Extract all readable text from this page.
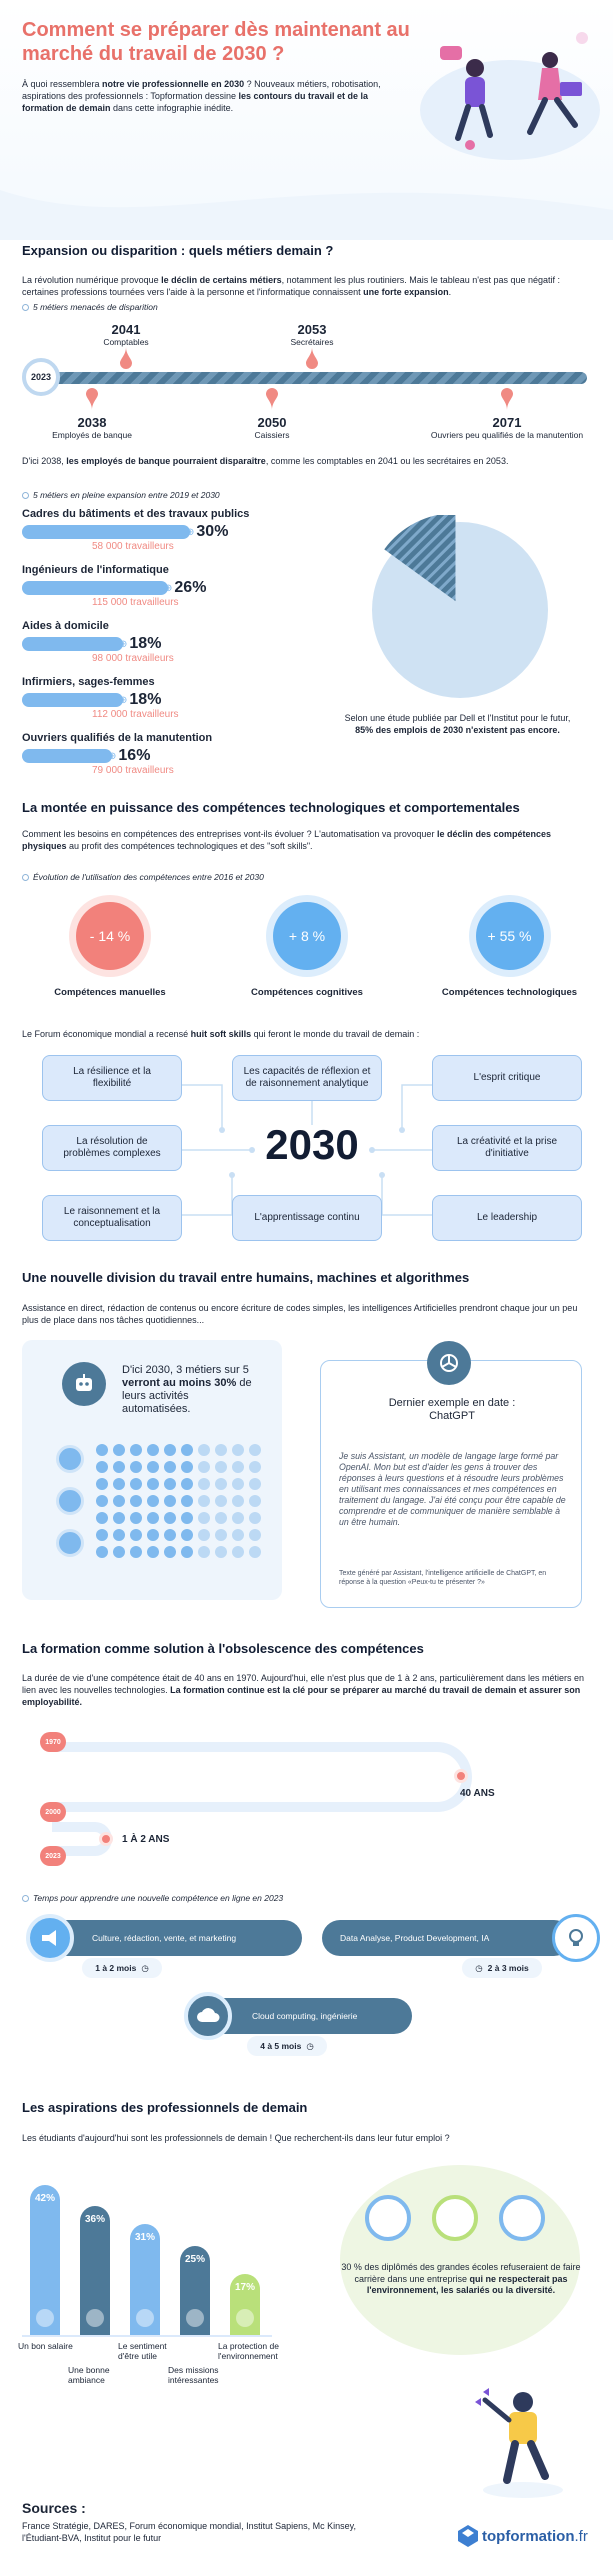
Comment se préparer dès maintenant au marché du travail de 2030 ?

À quoi ressemblera notre vie professionnelle en 2030 ? Nouveaux métiers, robotisation, aspirations des professionnels : Topformation dessine les contours du travail et de la formation de demain dans cette infographie inédite.

Expansion ou disparition : quels métiers demain ?

La révolution numérique provoque le déclin de certains métiers, notamment les plus routiniers. Mais le tableau n'est pas que négatif : certaines professions tournées vers l'aide à la personne et l'informatique connaissent une forte expansion.

5 métiers menacés de disparition

2023
2041
Comptables
2053
Secrétaires
2038
Employés de banque
2050
Caissiers
2071
Ouvriers peu qualifiés de la manutention

D'ici 2038, les employés de banque pourraient disparaître, comme les comptables en 2041 ou les secrétaires en 2053.

5 métiers en pleine expansion entre 2019 et 2030

Cadres du bâtiments et des travaux publics
⊕ 30%
58 000 travailleurs
Ingénieurs de l'informatique
⊕ 26%
115 000 travailleurs
Aides à domicile
⊕ 18%
98 000 travailleurs
Infirmiers, sages-femmes
⊕ 18%
112 000 travailleurs
Ouvriers qualifiés de la manutention
⊕ 16%
79 000 travailleurs

Selon une étude publiée par Dell et l'Institut pour le futur,
85% des emplois de 2030 n'existent pas encore.

La montée en puissance des compétences technologiques et comportementales

Comment les besoins en compétences des entreprises vont-ils évoluer ? L'automatisation va provoquer le déclin des compétences physiques au profit des compétences technologiques et des "soft skills".

Évolution de l'utilisation des compétences entre 2016 et 2030

- 14 %
Compétences manuelles
+ 8 %
Compétences cognitives
+ 55 %
Compétences technologiques

Le Forum économique mondial a recensé huit soft skills qui feront le monde du travail de demain :

La résilience et la flexibilité
Les capacités de réflexion et de raisonnement analytique
L'esprit critique
La résolution de problèmes complexes	2030	La créativité et la prise d'initiative
Le raisonnement et la conceptualisation
L'apprentissage continu	Le leadership
Une nouvelle division du travail entre humains, machines et algorithmes

Assistance en direct, rédaction de contenus ou encore écriture de codes simples, les intelligences Artificielles prendront chaque jour un peu plus de place dans nos tâches quotidiennes...

D'ici 2030, 3 métiers sur 5 verront au moins 30% de leurs activités automatisées.	Dernier exemple en date : ChatGPT

Je suis Assistant, un modèle de langage large formé par OpenAI. Mon but est d'aider les gens à trouver des réponses à leurs questions et à résoudre leurs problèmes en utilisant mes connaissances et mes compétences en traitement du langage. J'ai été conçu pour être capable de comprendre et de communiquer de manière semblable à un être humain.

Texte généré par Assistant, l'intelligence artificielle de ChatGPT, en réponse à la question «Peux-tu te présenter ?»

La formation comme solution à l'obsolescence des compétences

La durée de vie d'une compétence était de 40 ans en 1970. Aujourd'hui, elle n'est plus que de 1 à 2 ans, particulièrement dans les métiers en lien avec les nouvelles technologies. La formation continue est la clé pour se préparer au marché du travail de demain et assurer son employabilité.

1970
2000
2023
40 ANS
1 À 2 ANS

Temps pour apprendre une nouvelle compétence en ligne en 2023

Culture, rédaction, vente, et marketing
1 à 2 mois ◷
Data Analyse, Product Development, IA
◷ 2 à 3 mois
Cloud computing, ingénierie
4 à 5 mois ◷
Les aspirations des professionnels de demain

Les étudiants d'aujourd'hui sont les professionnels de demain ! Que recherchent-ils dans leur futur emploi ?

42%
Un bon salaire
36%
Une bonne ambiance
31%
Le sentiment d'être utile
25%
Des missions intéressantes
17%
La protection de l'environnement

30 % des diplômés des grandes écoles refuseraient de faire carrière dans une entreprise qui ne respecterait pas l'environnement, les salariés ou la diversité.

Sources :

France Stratégie, DARES, Forum économique mondial, Institut Sapiens, Mc Kinsey, l'Étudiant-BVA, Institut pour le futur	topformation .fr
